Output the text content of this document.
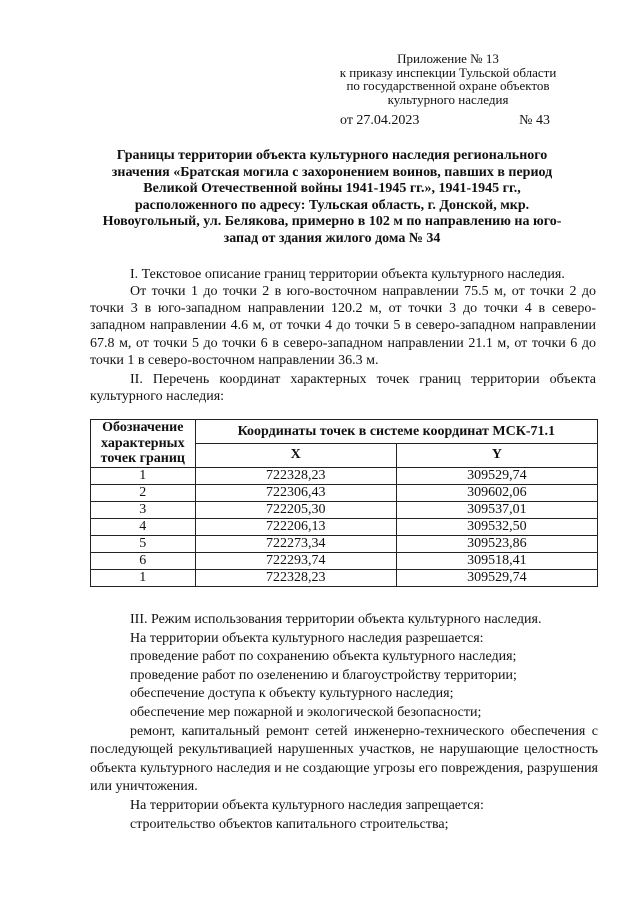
Приложение № 13
к приказу инспекции Тульской области
по государственной охране объектов
культурного наследия
от 27.04.2023	№ 43
Границы территории объекта культурного наследия регионального значения «Братская могила с захоронением воинов, павших в период Великой Отечественной войны 1941-1945 гг.», 1941-1945 гг., расположенного по адресу: Тульская область, г. Донской, мкр. Новоугольный, ул. Белякова, примерно в 102 м по направлению на юго-запад от здания жилого дома № 34
I. Текстовое описание границ территории объекта культурного наследия.
От точки 1 до точки 2 в юго-восточном направлении 75.5 м, от точки 2 до точки 3 в юго-западном направлении 120.2 м, от точки 3 до точки 4 в северо-западном направлении 4.6 м, от точки 4 до точки 5 в северо-западном направлении 67.8 м, от точки 5 до точки 6 в северо-западном направлении 21.1 м, от точки 6 до точки 1 в северо-восточном направлении 36.3 м.
II. Перечень координат характерных точек границ территории объекта культурного наследия:
Обозначение характерных точек границ	Координаты точек в системе координат МСК-71.1	
	X	Y
1	722328,23	309529,74
2	722306,43	309602,06
3	722205,30	309537,01
4	722206,13	309532,50
5	722273,34	309523,86
6	722293,74	309518,41
1	722328,23	309529,74
III. Режим использования территории объекта культурного наследия.
На территории объекта культурного наследия разрешается:
проведение работ по сохранению объекта культурного наследия;
проведение работ по озеленению и благоустройству территории;
обеспечение доступа к объекту культурного наследия;
обеспечение мер пожарной и экологической безопасности;
ремонт, капитальный ремонт сетей инженерно-технического обеспечения с последующей рекультивацией нарушенных участков, не нарушающие целостность объекта культурного наследия и не создающие угрозы его повреждения, разрушения или уничтожения.
На территории объекта культурного наследия запрещается:
строительство объектов капитального строительства;
